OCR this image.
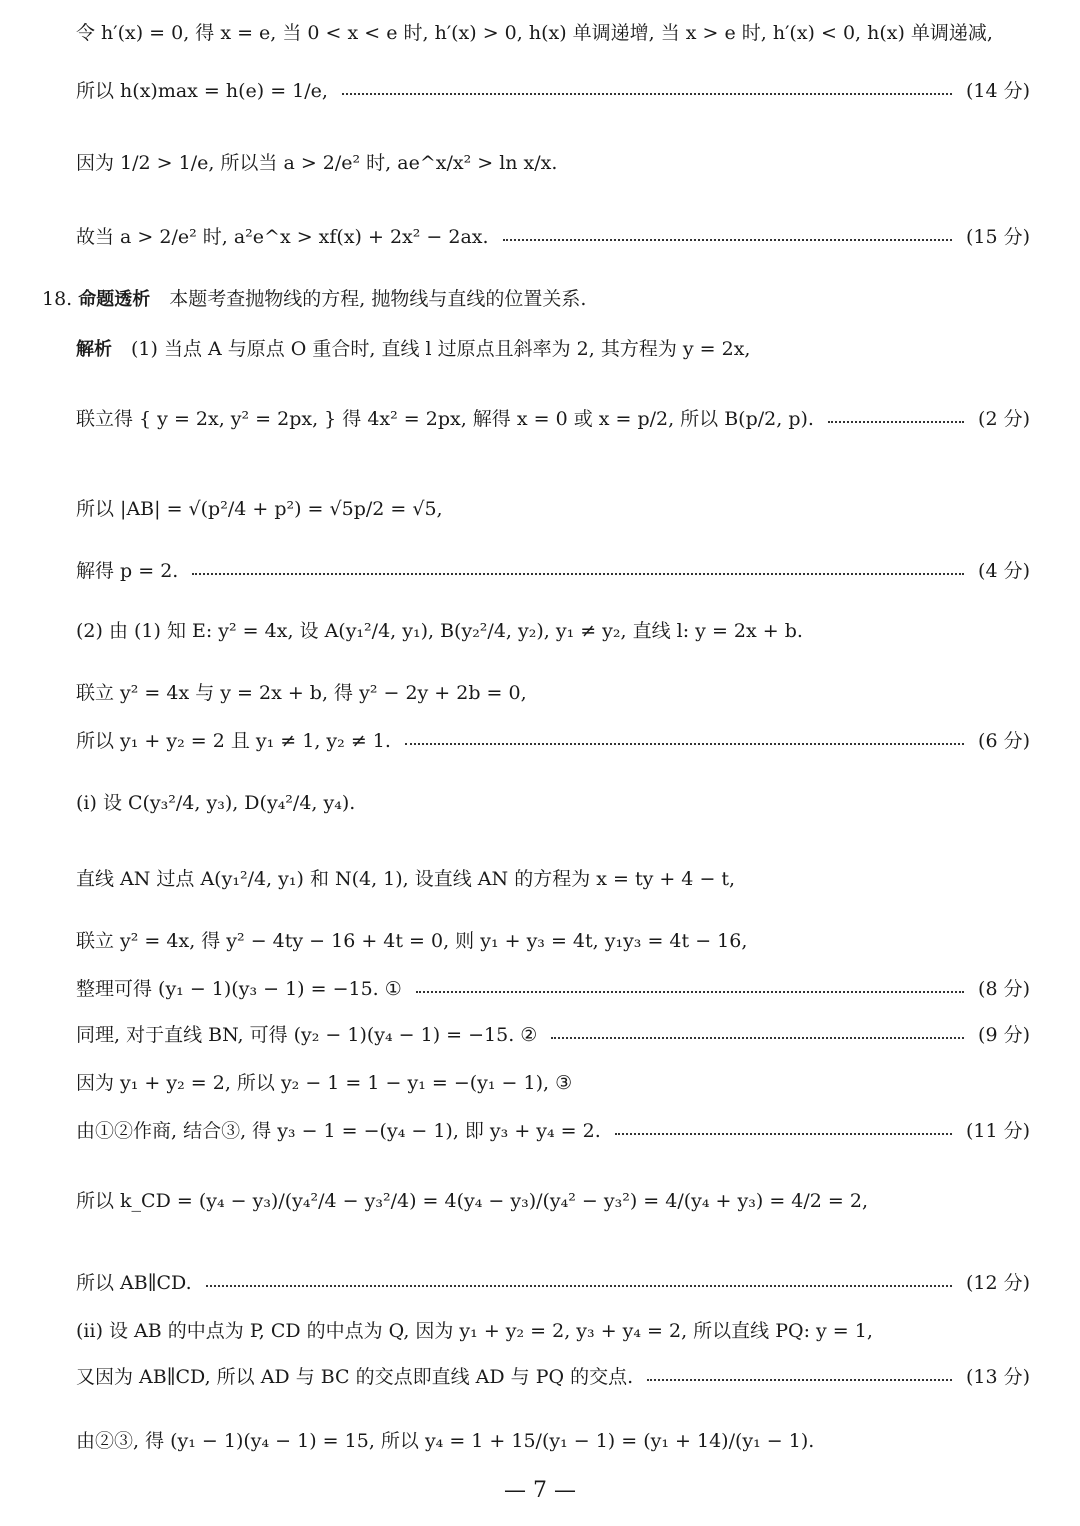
令 h′(x) = 0, 得 x = e, 当 0 < x < e 时, h′(x) > 0, h(x) 单调递增, 当 x > e 时, h′(x) < 0, h(x) 单调递减,
所以 h(x)max = h(e) = 1/e,	(14 分)
因为 1/2 > 1/e, 所以当 a > 2/e² 时, ae^x/x² > ln x/x.
故当 a > 2/e² 时, a²e^x > xf(x) + 2x² − 2ax.	(15 分)
18. 命题透析  本题考查抛物线的方程, 抛物线与直线的位置关系.
解析  (1) 当点 A 与原点 O 重合时, 直线 l 过原点且斜率为 2, 其方程为 y = 2x,
联立得 { y = 2x, y² = 2px, } 得 4x² = 2px, 解得 x = 0 或 x = p/2, 所以 B(p/2, p).	(2 分)
所以 |AB| = √(p²/4 + p²) = √5p/2 = √5,
解得 p = 2.	(4 分)
(2) 由 (1) 知 E: y² = 4x, 设 A(y₁²/4, y₁), B(y₂²/4, y₂), y₁ ≠ y₂, 直线 l: y = 2x + b.
联立 y² = 4x 与 y = 2x + b, 得 y² − 2y + 2b = 0,
所以 y₁ + y₂ = 2 且 y₁ ≠ 1, y₂ ≠ 1.	(6 分)
(ⅰ) 设 C(y₃²/4, y₃), D(y₄²/4, y₄).
直线 AN 过点 A(y₁²/4, y₁) 和 N(4, 1), 设直线 AN 的方程为 x = ty + 4 − t,
联立 y² = 4x, 得 y² − 4ty − 16 + 4t = 0, 则 y₁ + y₃ = 4t, y₁y₃ = 4t − 16,
整理可得 (y₁ − 1)(y₃ − 1) = −15. ①	(8 分)
同理, 对于直线 BN, 可得 (y₂ − 1)(y₄ − 1) = −15. ②	(9 分)
因为 y₁ + y₂ = 2, 所以 y₂ − 1 = 1 − y₁ = −(y₁ − 1), ③
由①②作商, 结合③, 得 y₃ − 1 = −(y₄ − 1), 即 y₃ + y₄ = 2.	(11 分)
所以 k_CD = (y₄ − y₃)/(y₄²/4 − y₃²/4) = 4(y₄ − y₃)/(y₄² − y₃²) = 4/(y₄ + y₃) = 4/2 = 2,
所以 AB∥CD.	(12 分)
(ⅱ) 设 AB 的中点为 P, CD 的中点为 Q, 因为 y₁ + y₂ = 2, y₃ + y₄ = 2, 所以直线 PQ: y = 1,
又因为 AB∥CD, 所以 AD 与 BC 的交点即直线 AD 与 PQ 的交点.	(13 分)
由②③, 得 (y₁ − 1)(y₄ − 1) = 15, 所以 y₄ = 1 + 15/(y₁ − 1) = (y₁ + 14)/(y₁ − 1).
— 7 —
